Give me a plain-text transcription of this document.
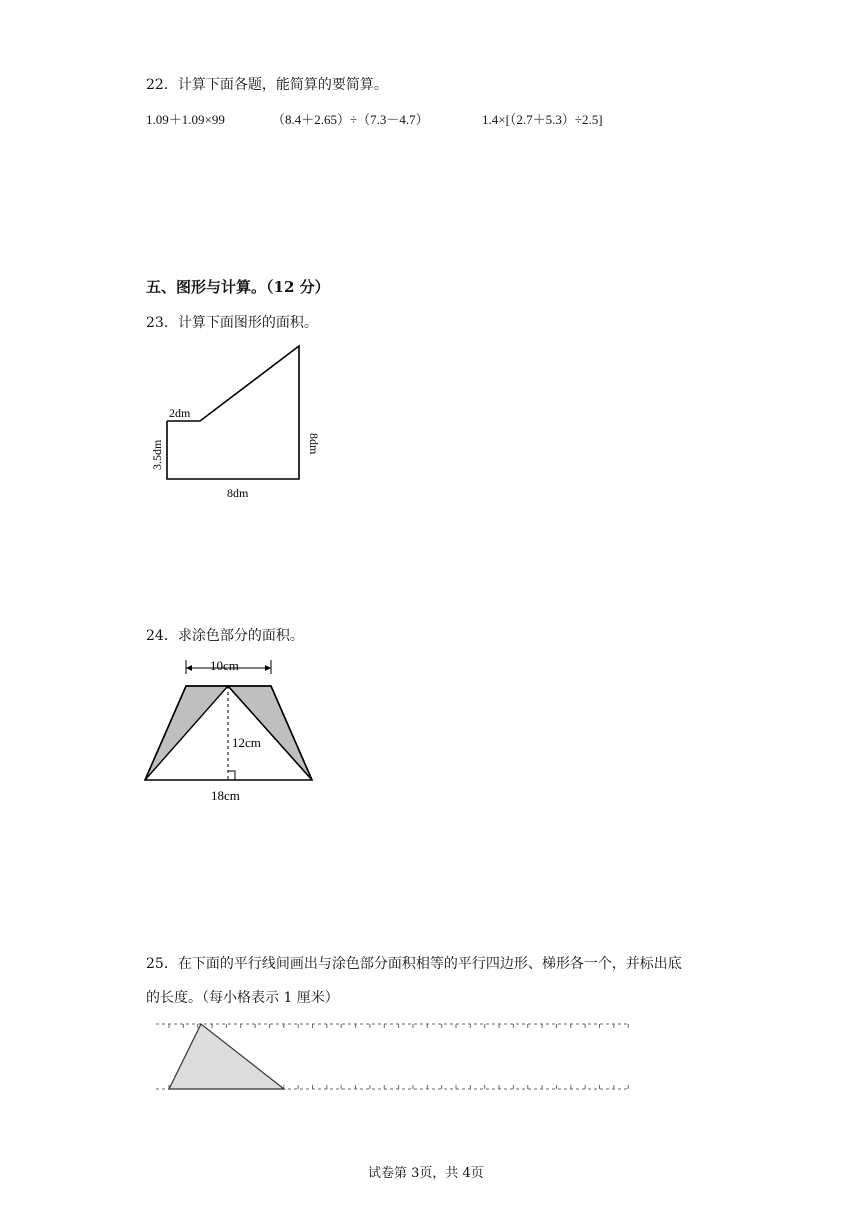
22．计算下面各题，能简算的要简算。
1.09＋1.09×99	（8.4＋2.65）÷（7.3－4.7）	1.4×[（2.7＋5.3）÷2.5]
五、图形与计算。（12 分）
23．计算下面图形的面积。
2dm
3.5dm	8dm
8dm
24．求涂色部分的面积。
10cm
12cm
18cm
25．在下面的平行线间画出与涂色部分面积相等的平行四边形、梯形各一个，并标出底
的长度。（每小格表示 1 厘米）
试卷第 3页，共 4页
